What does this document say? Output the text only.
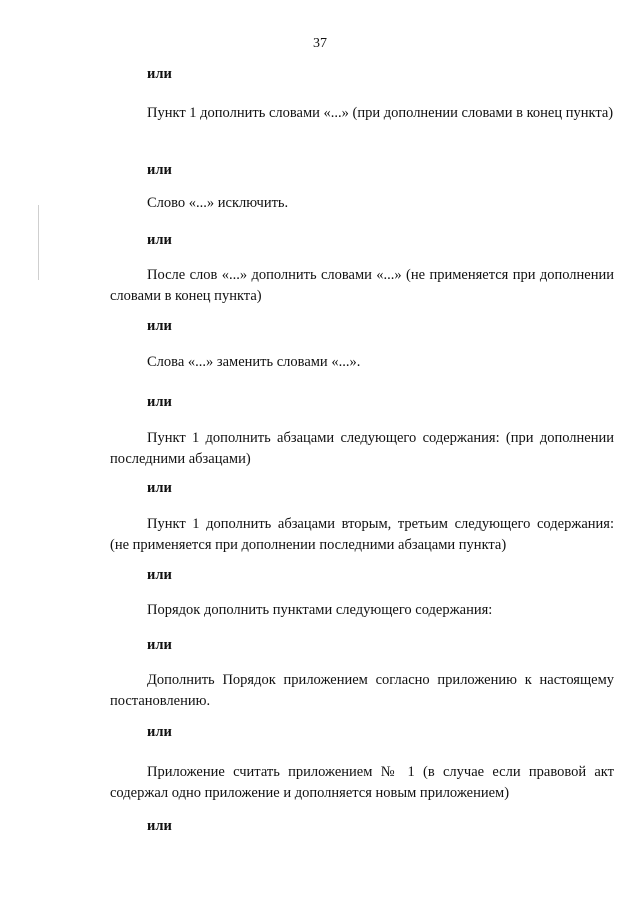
37
или

Пункт 1 дополнить словами «...» (при дополнении словами в конец пункта)

или

Слово «...» исключить.

или

После слов «...» дополнить словами «...» (не применяется при дополнении словами в конец пункта)

или

Слова «...» заменить словами «...».

или

Пункт 1 дополнить абзацами следующего содержания: (при дополнении последними абзацами)

или

Пункт 1 дополнить абзацами вторым, третьим следующего содержания: (не применяется при дополнении последними абзацами пункта)

или

Порядок дополнить пунктами следующего содержания:

или

Дополнить Порядок приложением согласно приложению к настоящему постановлению.

или

Приложение считать приложением № 1 (в случае если правовой акт содержал одно приложение и дополняется новым приложением)

или
